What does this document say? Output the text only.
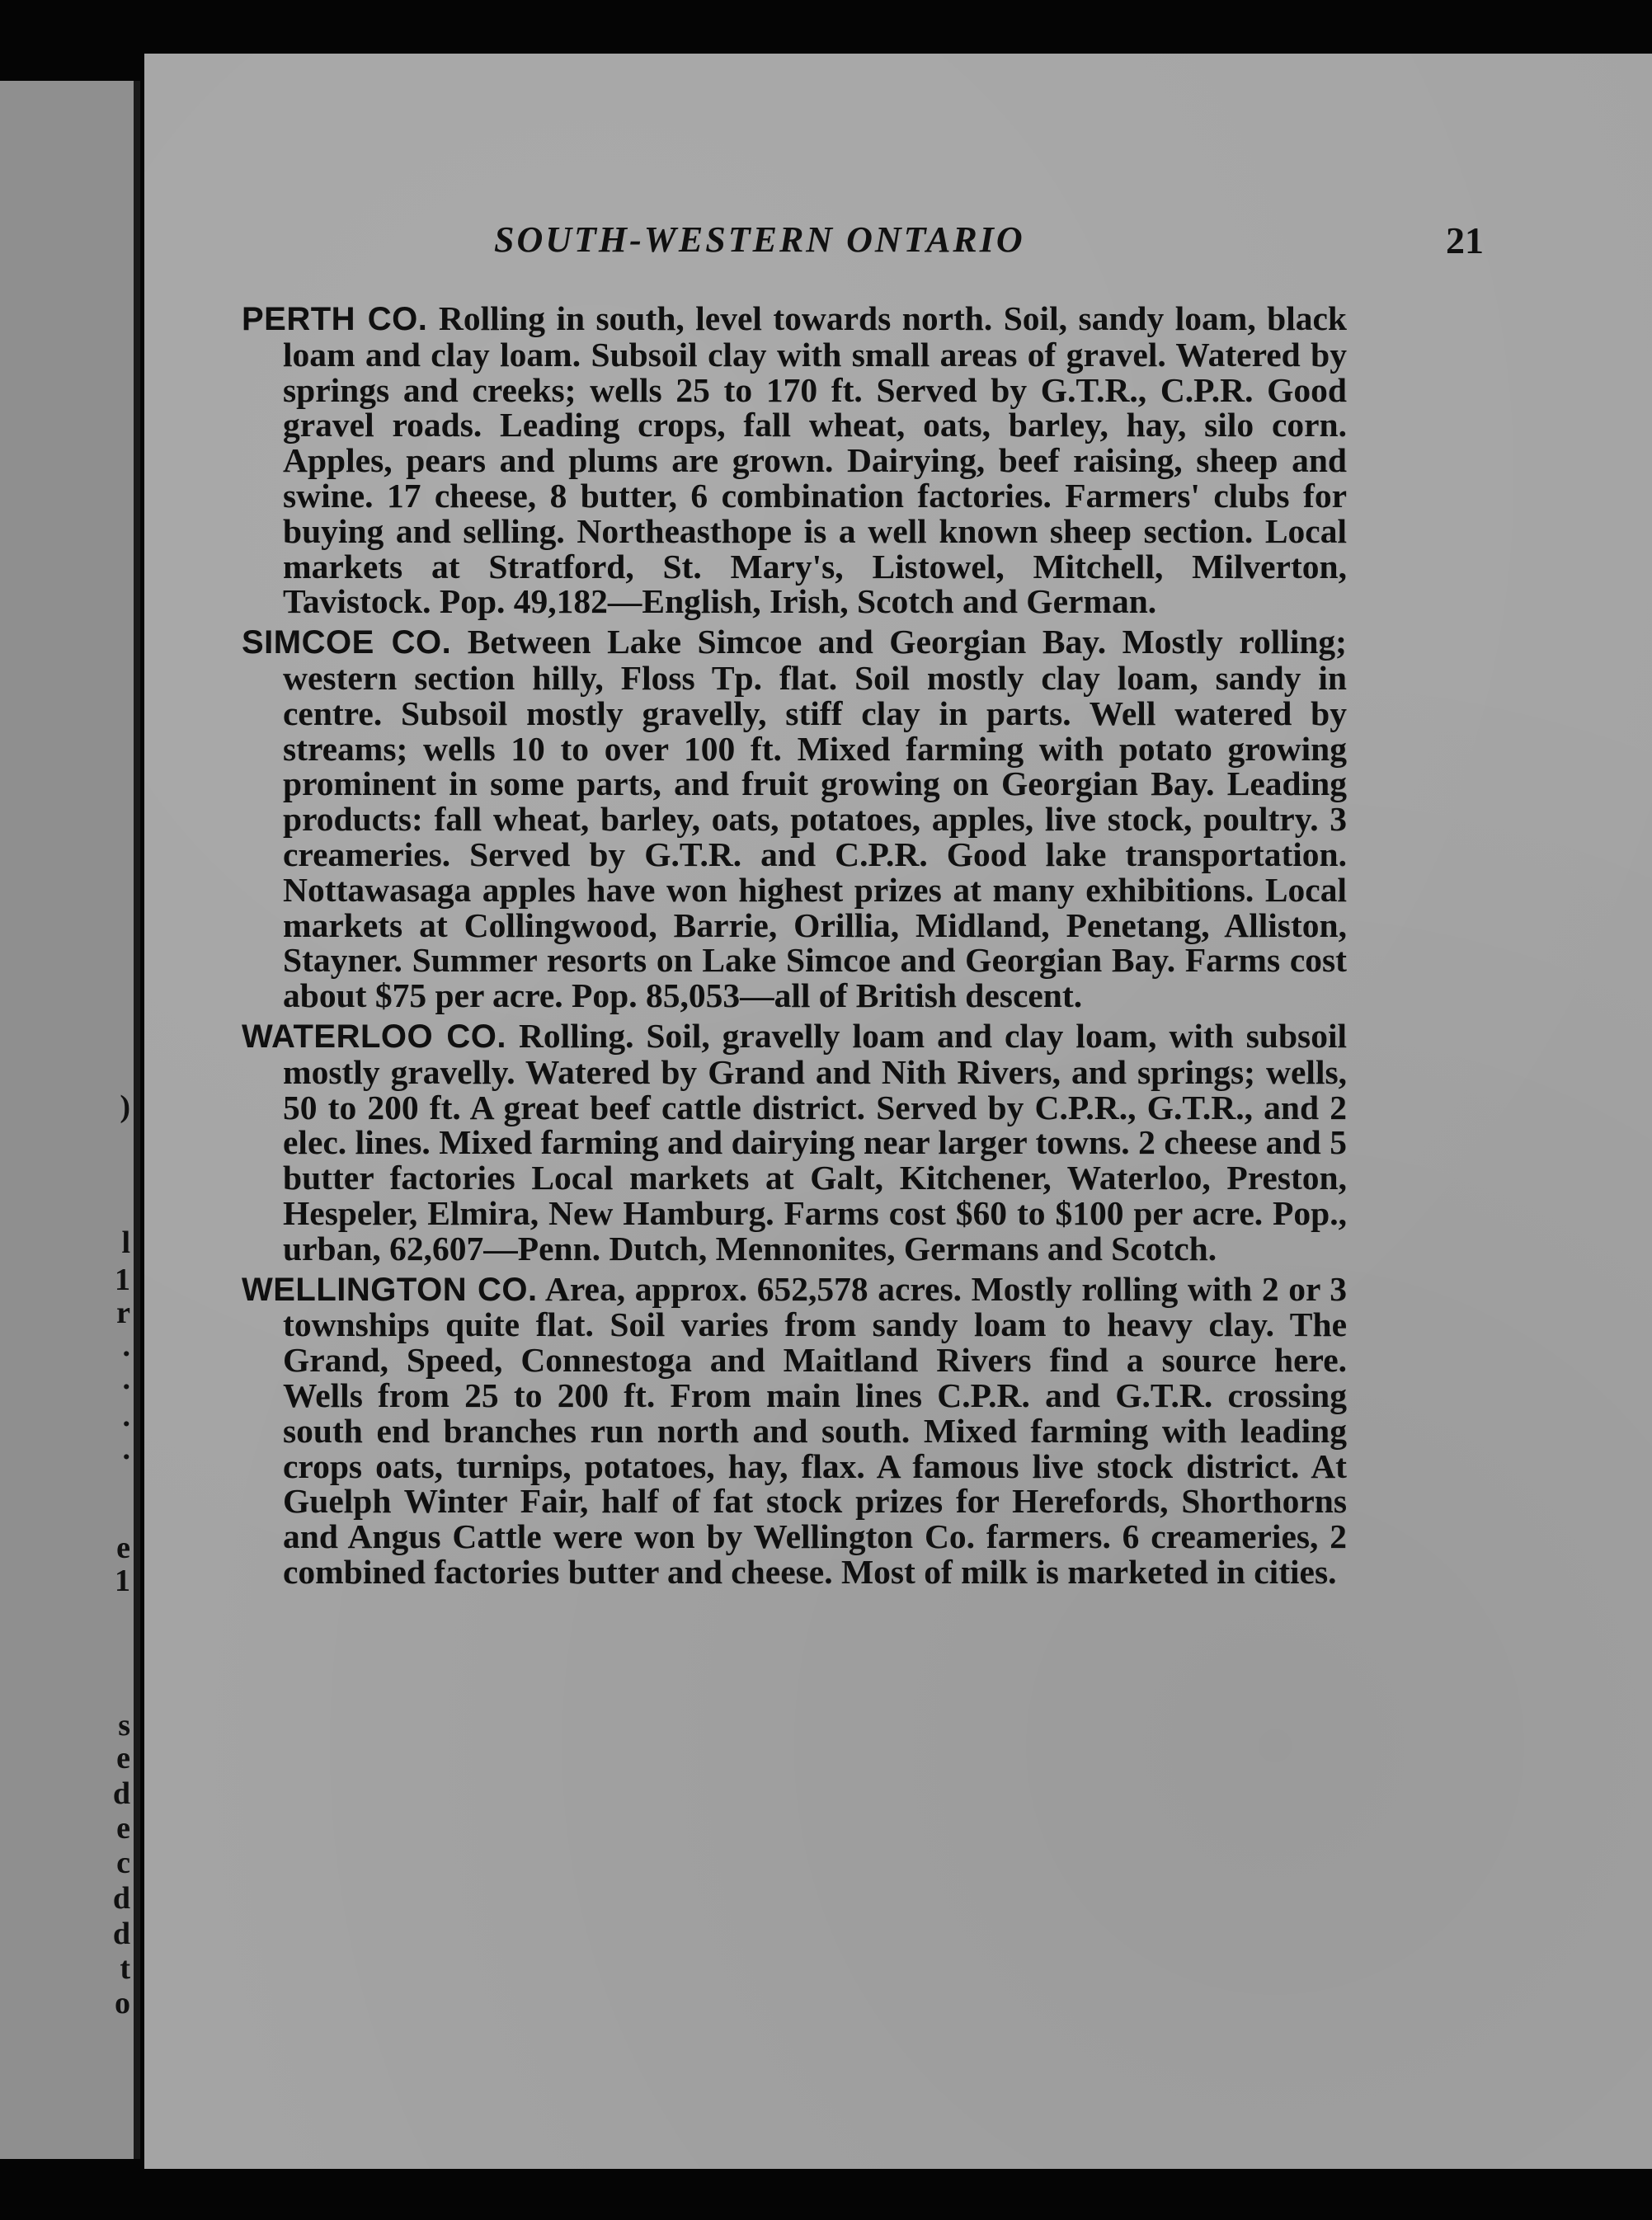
)
l
1
r
.
.
.
.
e
1
s
e
d
e
c
d
d
t
o
SOUTH-WESTERN ONTARIO	21

PERTH CO. Rolling in south, level towards north. Soil, sandy loam, black loam and clay loam. Subsoil clay with small areas of gravel. Watered by springs and creeks; wells 25 to 170 ft. Served by G.T.R., C.P.R. Good gravel roads. Leading crops, fall wheat, oats, barley, hay, silo corn. Apples, pears and plums are grown. Dairying, beef raising, sheep and swine. 17 cheese, 8 butter, 6 combination factories. Farmers' clubs for buying and selling. Northeasthope is a well known sheep section. Local markets at Stratford, St. Mary's, Listowel, Mitchell, Milverton, Tavistock. Pop. 49,182—English, Irish, Scotch and German.

SIMCOE CO. Between Lake Simcoe and Georgian Bay. Mostly rolling; western section hilly, Floss Tp. flat. Soil mostly clay loam, sandy in centre. Subsoil mostly gravelly, stiff clay in parts. Well watered by streams; wells 10 to over 100 ft. Mixed farming with potato growing prominent in some parts, and fruit growing on Georgian Bay. Leading products: fall wheat, barley, oats, potatoes, apples, live stock, poultry. 3 creameries. Served by G.T.R. and C.P.R. Good lake transportation. Nottawasaga apples have won highest prizes at many exhibitions. Local markets at Collingwood, Barrie, Orillia, Midland, Penetang, Alliston, Stayner. Summer resorts on Lake Simcoe and Georgian Bay. Farms cost about $75 per acre. Pop. 85,053—all of British descent.

WATERLOO CO. Rolling. Soil, gravelly loam and clay loam, with subsoil mostly gravelly. Watered by Grand and Nith Rivers, and springs; wells, 50 to 200 ft. A great beef cattle district. Served by C.P.R., G.T.R., and 2 elec. lines. Mixed farming and dairying near larger towns. 2 cheese and 5 butter factories Local markets at Galt, Kitchener, Waterloo, Preston, Hespeler, Elmira, New Hamburg. Farms cost $60 to $100 per acre. Pop., urban, 62,607—Penn. Dutch, Mennonites, Germans and Scotch.

WELLINGTON CO. Area, approx. 652,578 acres. Mostly rolling with 2 or 3 townships quite flat. Soil varies from sandy loam to heavy clay. The Grand, Speed, Connestoga and Maitland Rivers find a source here. Wells from 25 to 200 ft. From main lines C.P.R. and G.T.R. crossing south end branches run north and south. Mixed farming with leading crops oats, turnips, potatoes, hay, flax. A famous live stock district. At Guelph Winter Fair, half of fat stock prizes for Herefords, Shorthorns and Angus Cattle were won by Wellington Co. farmers. 6 creameries, 2 combined factories butter and cheese. Most of milk is marketed in cities.
